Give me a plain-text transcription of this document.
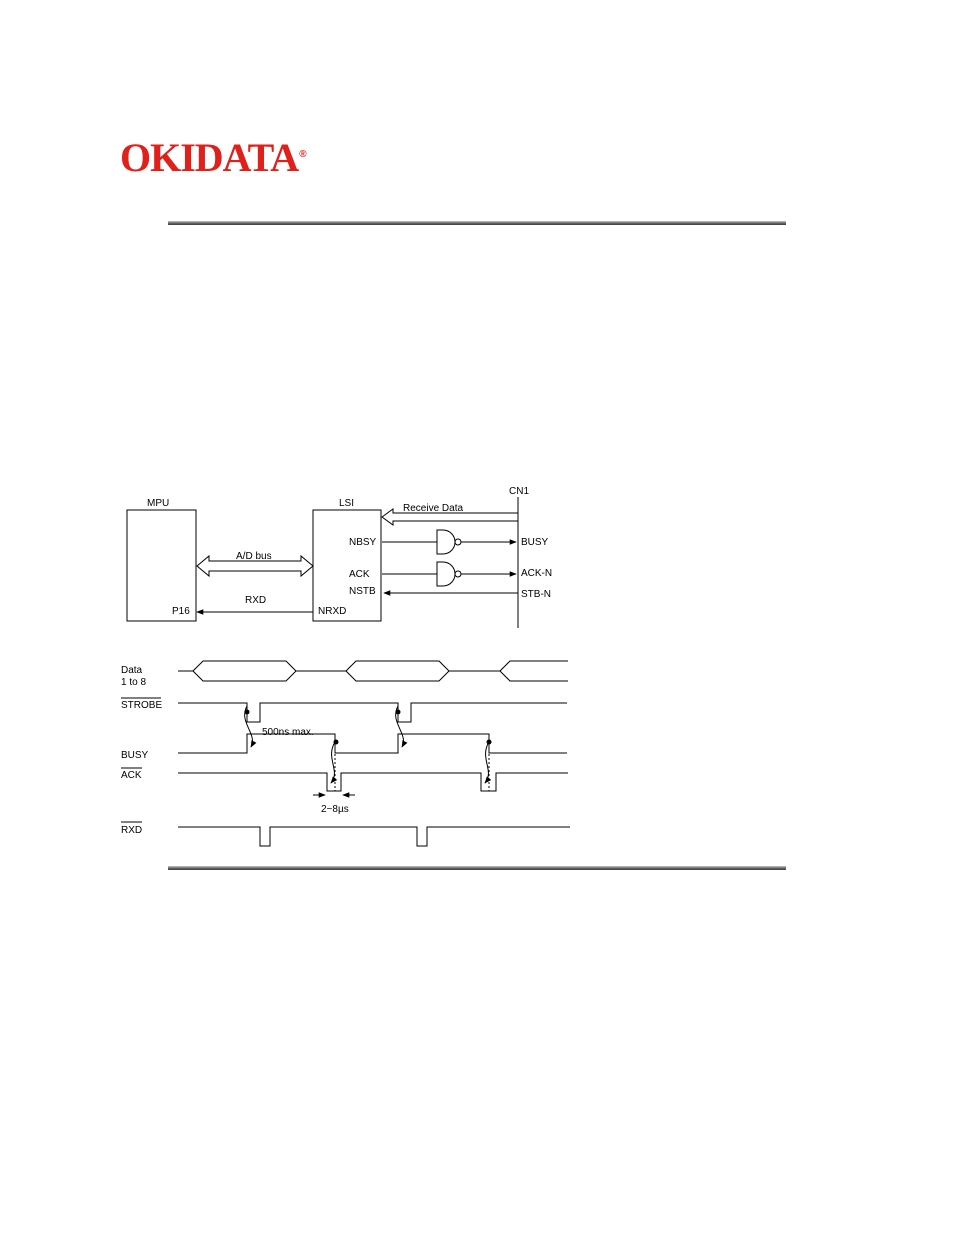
OKIDATA®
MPU	LSI
CN1
A/D bus
RXD
P16	NRXD
NBSY
ACK
NSTB
Receive Data
BUSY
ACK-N
STB-N
Data
1 to 8
STROBE
BUSY
ACK
RXD
500ns max.
2~8µs
